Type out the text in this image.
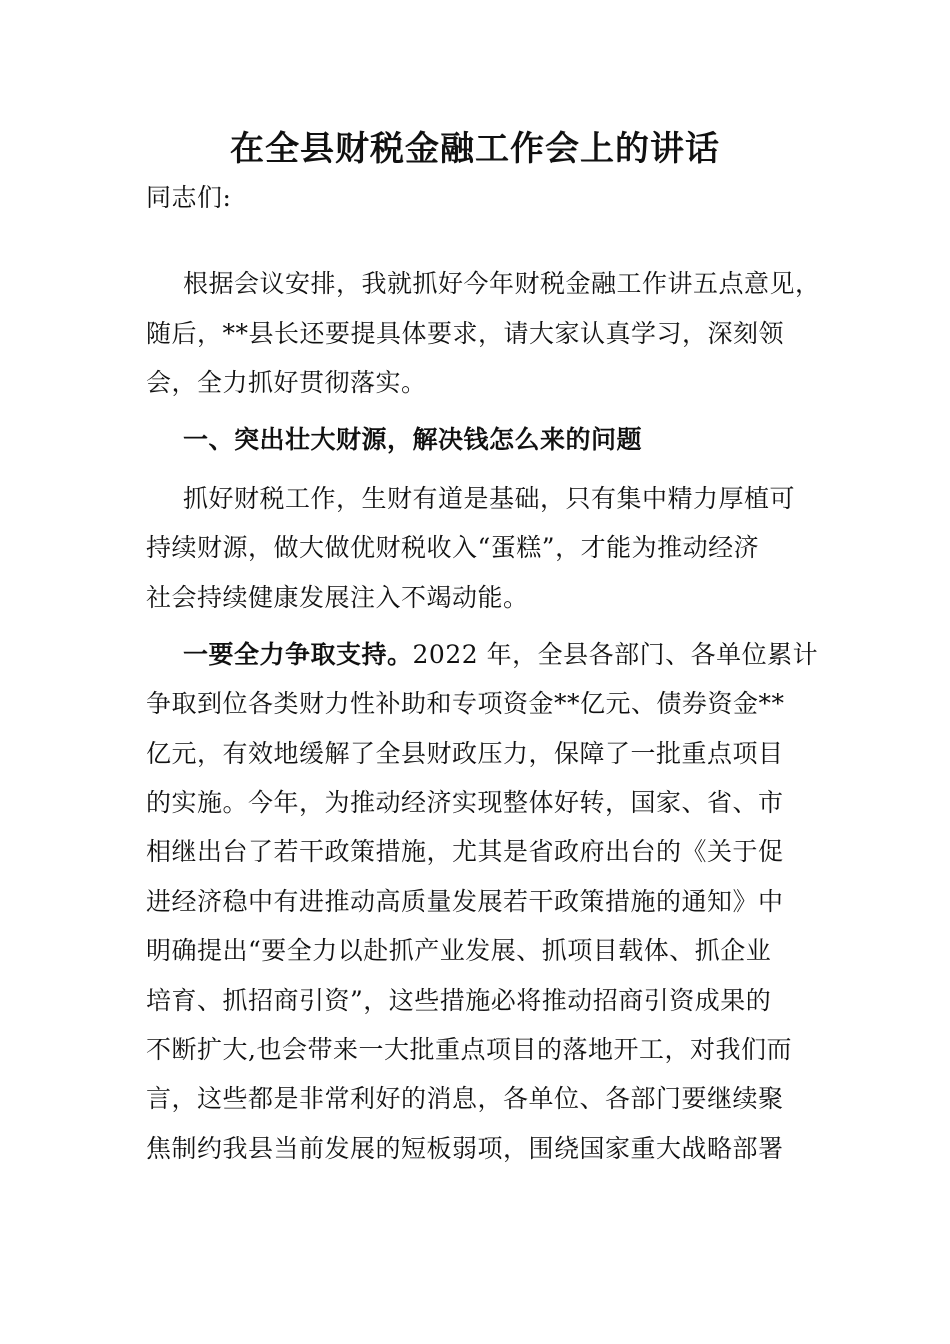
在全县财税金融工作会上的讲话
同志们:
根据会议安排，我就抓好今年财税金融工作讲五点意见，
随后，**县长还要提具体要求，请大家认真学习，深刻领
会，全力抓好贯彻落实。
一、突出壮大财源，解决钱怎么来的问题
抓好财税工作，生财有道是基础，只有集中精力厚植可
持续财源，做大做优财税收入“蛋糕”，才能为推动经济
社会持续健康发展注入不竭动能。
一要全力争取支持。2022 年，全县各部门、各单位累计
争取到位各类财力性补助和专项资金**亿元、债券资金**
亿元，有效地缓解了全县财政压力，保障了一批重点项目
的实施。今年，为推动经济实现整体好转，国家、省、市
相继出台了若干政策措施，尤其是省政府出台的《关于促
进经济稳中有进推动高质量发展若干政策措施的通知》中
明确提出“要全力以赴抓产业发展、抓项目载体、抓企业
培育、抓招商引资”，这些措施必将推动招商引资成果的
不断扩大,也会带来一大批重点项目的落地开工，对我们而
言，这些都是非常利好的消息，各单位、各部门要继续聚
焦制约我县当前发展的短板弱项，围绕国家重大战略部署
